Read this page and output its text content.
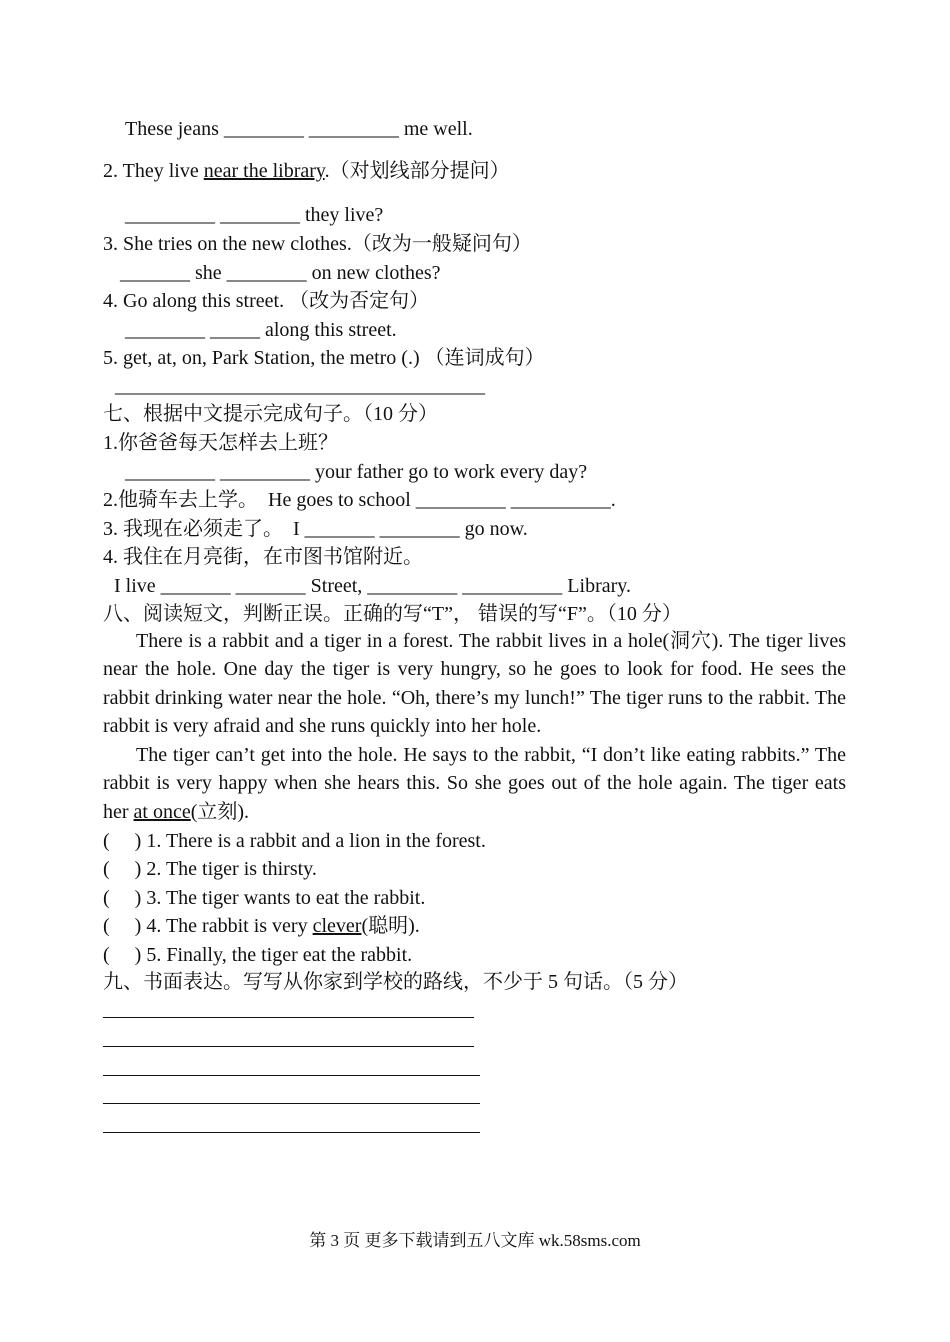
These jeans ________ _________ me well.
2. They live near the library.（对划线部分提问）
_________ ________ they live?
3. She tries on the new clothes.（改为一般疑问句）
_______ she ________ on new clothes?
4. Go along this street. （改为否定句）
________ _____ along this street.
5. get, at, on, Park Station, the metro (.) （连词成句）
_____________________________________
七、根据中文提示完成句子。（10 分）
1.你爸爸每天怎样去上班？
_________ _________ your father go to work every day?
2.他骑车去上学。  He goes to school _________ __________.
3. 我现在必须走了。  I _______ ________ go now.
4. 我住在月亮街，在市图书馆附近。
I live _______ _______ Street, _________ __________ Library.
八、阅读短文，判断正误。正确的写“T”， 错误的写“F”。（10 分）

There is a rabbit and a tiger in a forest. The rabbit lives in a hole(洞穴). The tiger lives near the hole. One day the tiger is very hungry, so he goes to look for food. He sees the rabbit drinking water near the hole. “Oh, there’s my lunch!” The tiger runs to the rabbit. The rabbit is very afraid and she runs quickly into her hole.

The tiger can’t get into the hole. He says to the rabbit, “I don’t like eating rabbits.” The rabbit is very happy when she hears this. So she goes out of the hole again. The tiger eats her at once(立刻).

(     ) 1. There is a rabbit and a lion in the forest.
(     ) 2. The tiger is thirsty.
(     ) 3. The tiger wants to eat the rabbit.
(     ) 4. The rabbit is very clever(聪明).
(     ) 5. Finally, the tiger eat the rabbit.
九、书面表达。写写从你家到学校的路线，不少于 5 句话。（5 分）
第 3 页 更多下载请到五八文库 wk.58sms.com
